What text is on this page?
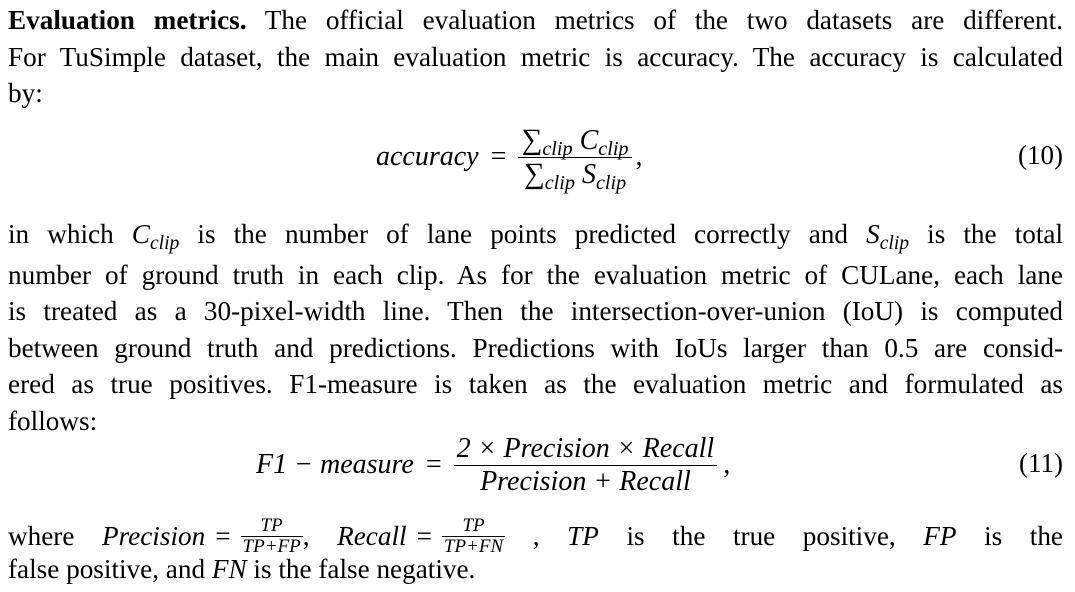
Evaluation metrics. The official evaluation metrics of the two datasets are different.

For TuSimple dataset, the main evaluation metric is accuracy. The accuracy is calculated

by:

accuracy = $\frac{\sum_{clip} C_{clip}}{\sum_{clip} S_{clip}}$ ,	(10)

in which $C_{clip}$ is the number of lane points predicted correctly and $S_{clip}$ is the total

number of ground truth in each clip. As for the evaluation metric of CULane, each lane

is treated as a 30-pixel-width line. Then the intersection-over-union (IoU) is computed

between ground truth and predictions. Predictions with IoUs larger than 0.5 are consid-

ered as true positives. F1-measure is taken as the evaluation metric and formulated as

follows:

F1 − measure = $\frac{\text{2 × Precision × Recall}}{\text{Precision + Recall}}$ ,	(11)

where Precision = $\frac{TP}{TP+FP}$ , Recall = $\frac{TP}{TP+FN}$ , TP is the true positive, FP is the

false positive, and FN is the false negative.
